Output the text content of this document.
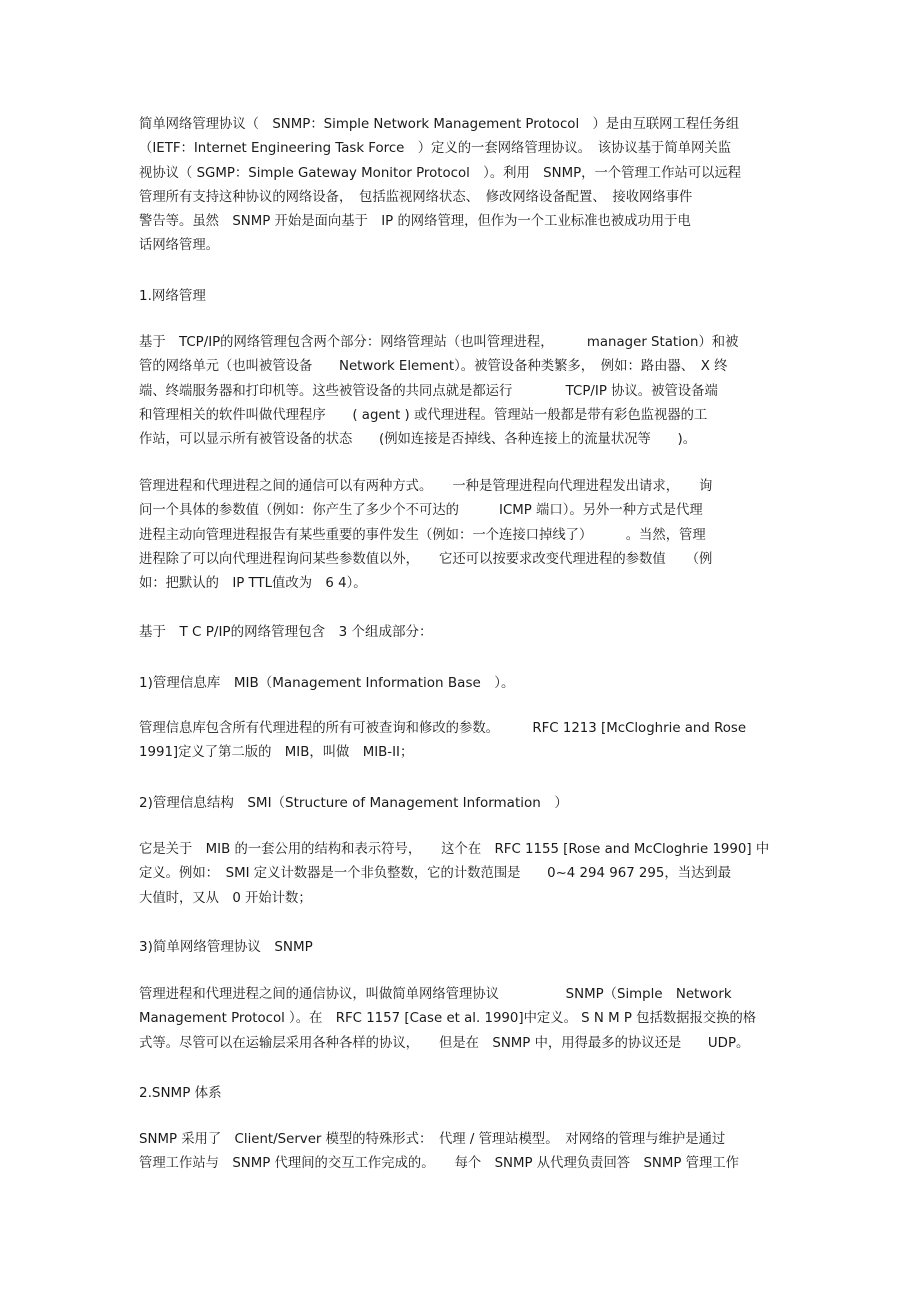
简单网络管理协议（　SNMP：Simple Network Management Protocol　）是由互联网工程任务组
（IETF：Internet Engineering Task Force　）定义的一套网络管理协议。　该协议基于简单网关监
视协议（ SGMP：Simple Gateway Monitor Protocol　）。利用　SNMP，一个管理工作站可以远程
管理所有支持这种协议的网络设备，　包括监视网络状态、　修改网络设备配置、　接收网络事件
警告等。虽然　SNMP 开始是面向基于　IP 的网络管理，但作为一个工业标准也被成功用于电
话网络管理。

1.网络管理

基于　TCP/IP的网络管理包含两个部分：网络管理站（也叫管理进程，　　　manager Station）和被
管的网络单元（也叫被管设备　　Network Element）。被管设备种类繁多，　例如：路由器、　X 终
端、终端服务器和打印机等。这些被管设备的共同点就是都运行　　　　TCP/IP 协议。被管设备端
和管理相关的软件叫做代理程序　　( agent ) 或代理进程。管理站一般都是带有彩色监视器的工
作站，可以显示所有被管设备的状态　　(例如连接是否掉线、各种连接上的流量状况等　　)。

管理进程和代理进程之间的通信可以有两种方式。　　一种是管理进程向代理进程发出请求，　　询
问一个具体的参数值（例如：你产生了多少个不可达的　　　ICMP 端口）。另外一种方式是代理
进程主动向管理进程报告有某些重要的事件发生（例如：一个连接口掉线了）　　　。当然，管理
进程除了可以向代理进程询问某些参数值以外，　　它还可以按要求改变代理进程的参数值　　（例
如：把默认的　IP TTL值改为　6 4）。

基于　T C P/IP的网络管理包含　3 个组成部分：

1)管理信息库　MIB（Management Information Base　）。

管理信息库包含所有代理进程的所有可被查询和修改的参数。　　　RFC 1213 [McCloghrie and Rose
1991]定义了第二版的　MIB，叫做　MIB-II；

2)管理信息结构　SMI（Structure of Management Information　）

它是关于　MIB 的一套公用的结构和表示符号，　　这个在　RFC 1155 [Rose and McCloghrie 1990] 中
定义。例如：　SMI 定义计数器是一个非负整数，它的计数范围是　　0~4 294 967 295，当达到最
大值时，又从　0 开始计数；

3)简单网络管理协议　SNMP

管理进程和代理进程之间的通信协议，叫做简单网络管理协议　　　　　SNMP（Simple　Network
Management Protocol ）。在　RFC 1157 [Case et al. 1990]中定义。 S N M P 包括数据报交换的格
式等。尽管可以在运输层采用各种各样的协议，　　但是在　SNMP 中，用得最多的协议还是　　UDP。

2.SNMP 体系

SNMP 采用了　Client/Server 模型的特殊形式：　代理 / 管理站模型。　对网络的管理与维护是通过
管理工作站与　SNMP 代理间的交互工作完成的。　　每个　SNMP 从代理负责回答　SNMP 管理工作
